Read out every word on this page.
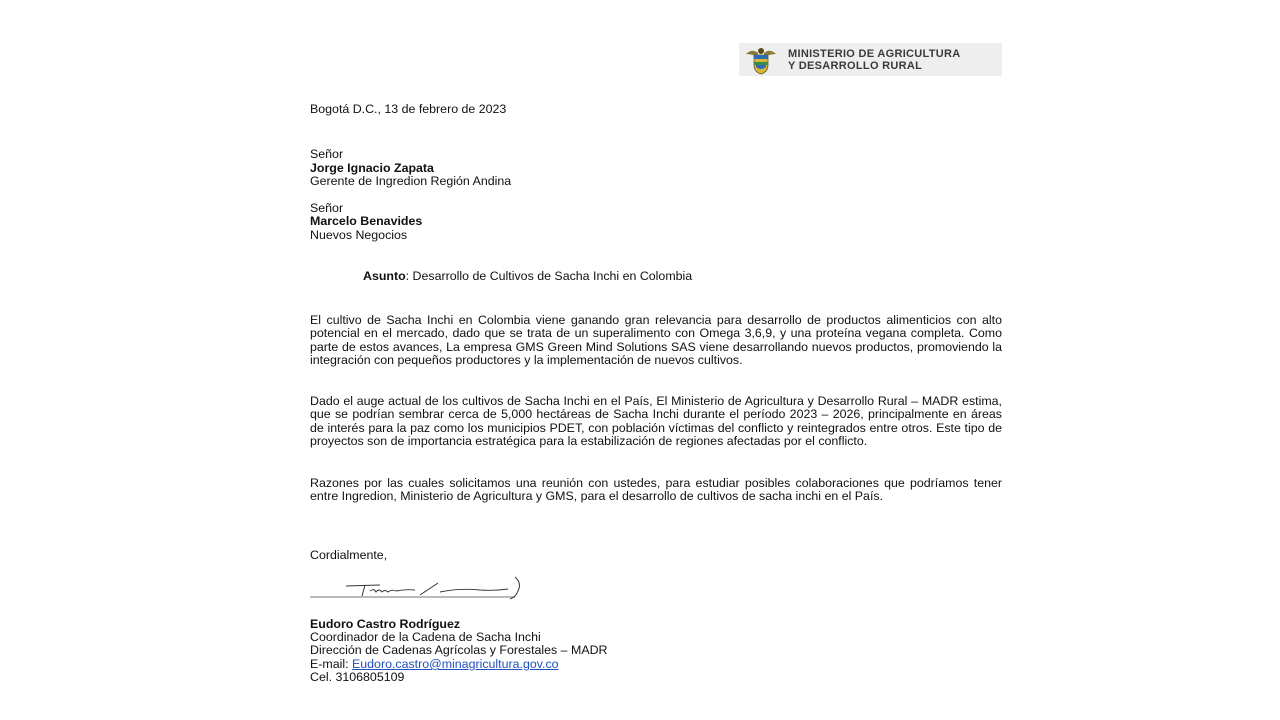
MINISTERIO DE AGRICULTURA
Y DESARROLLO RURAL
Bogotá D.C., 13 de febrero de 2023
Señor
Jorge Ignacio Zapata
Gerente de Ingredion Región Andina
Señor
Marcelo Benavides
Nuevos Negocios
Asunto: Desarrollo de Cultivos de Sacha Inchi en Colombia

El cultivo de Sacha Inchi en Colombia viene ganando gran relevancia para desarrollo de productos alimenticios con alto potencial en el mercado, dado que se trata de un superalimento con Omega 3,6,9, y una proteína vegana completa. Como parte de estos avances, La empresa GMS Green Mind Solutions SAS viene desarrollando nuevos productos, promoviendo la integración con pequeños productores y la implementación de nuevos cultivos.

Dado el auge actual de los cultivos de Sacha Inchi en el País, El Ministerio de Agricultura y Desarrollo Rural – MADR estima, que se podrían sembrar cerca de 5,000 hectáreas de Sacha Inchi durante el período 2023 – 2026, principalmente en áreas de interés para la paz como los municipios PDET, con población víctimas del conflicto y reintegrados entre otros. Este tipo de proyectos son de importancia estratégica para la estabilización de regiones afectadas por el conflicto.

Razones por las cuales solicitamos una reunión con ustedes, para estudiar posibles colaboraciones que podríamos tener entre Ingredion, Ministerio de Agricultura y GMS, para el desarrollo de cultivos de sacha inchi en el País.

Cordialmente,
Eudoro Castro Rodríguez
Coordinador de la Cadena de Sacha Inchi
Dirección de Cadenas Agrícolas y Forestales – MADR
E-mail: Eudoro.castro@minagricultura.gov.co
Cel. 3106805109
